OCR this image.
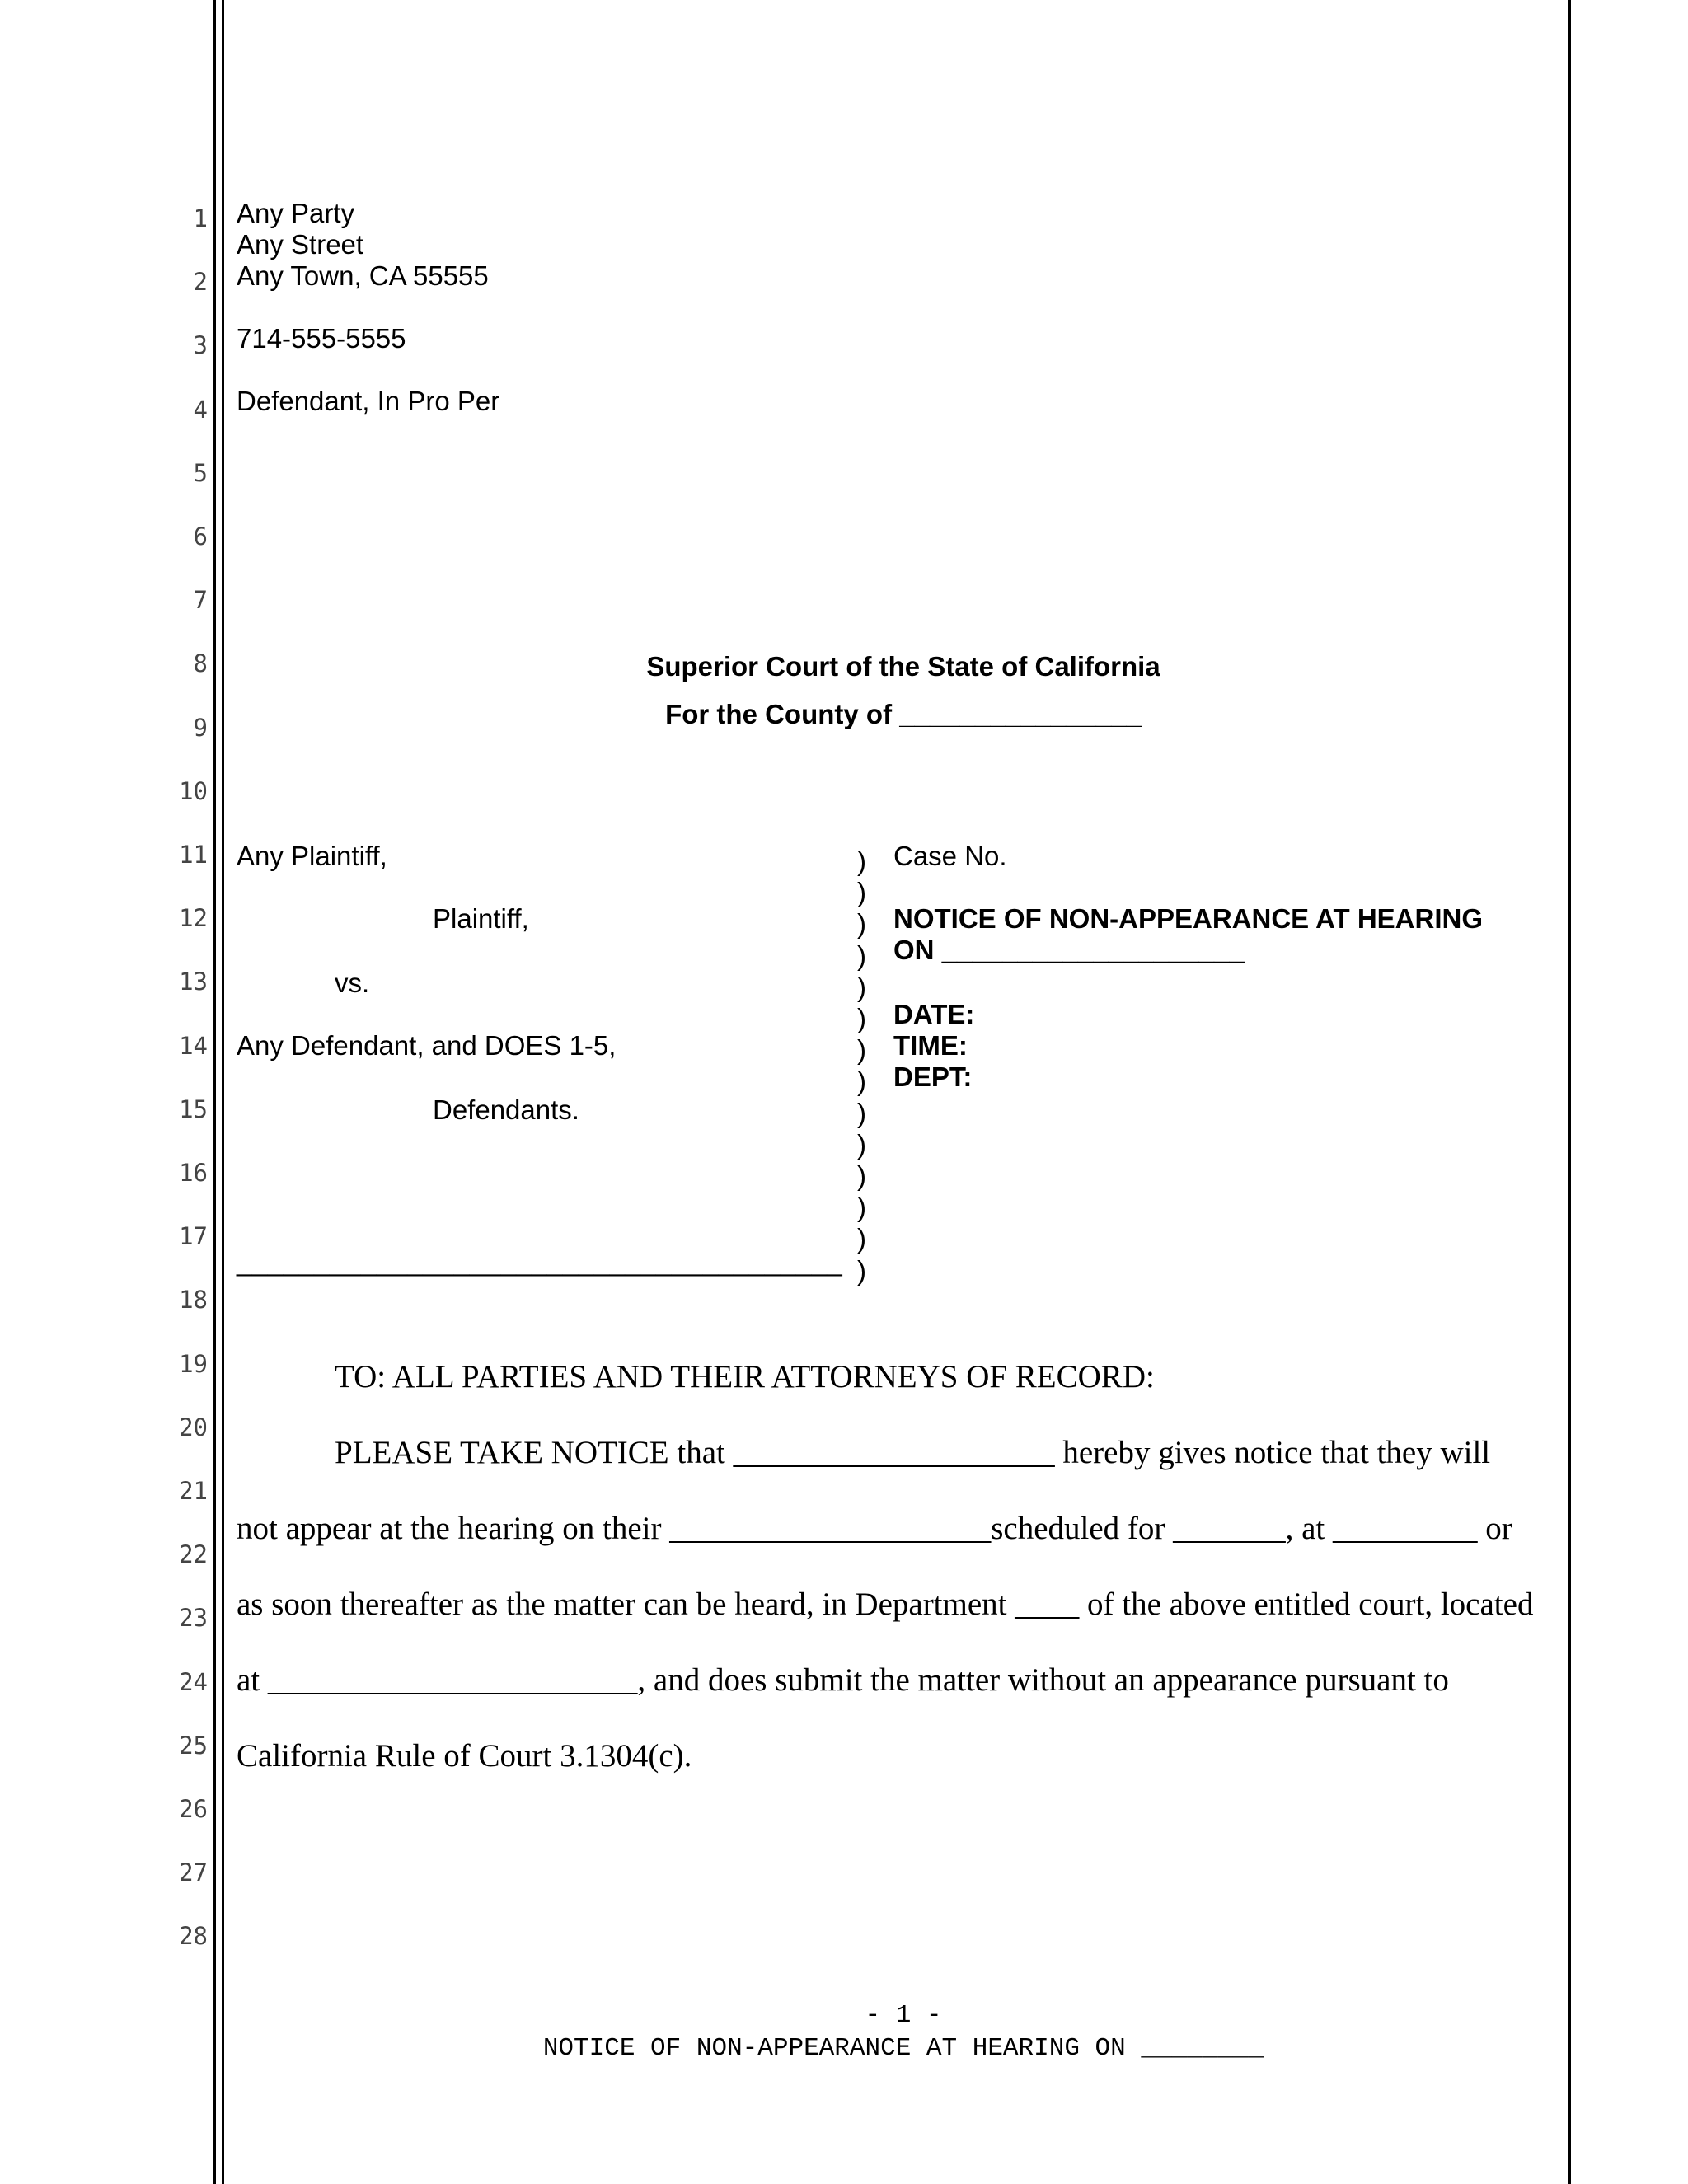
1
2
3
4
5
6
7
8
9
10
11
12
13
14
15
16
17
18
19
20
21
22
23
24
25
26
27
28
Any Party
Any Street
Any Town, CA 55555
714-555-5555
Defendant, In Pro Per
Superior Court of the State of California
For the County of ________________
Any Plaintiff,
Plaintiff,
vs.
Any Defendant, and DOES 1-5,
Defendants.
_______________________________________
)
)
)
)
)
)
)
)
)
)
)
)
)
)
Case No.
NOTICE OF NON-APPEARANCE AT HEARING
ON ____________________
DATE:
TIME:
DEPT:
TO: ALL PARTIES AND THEIR ATTORNEYS OF RECORD:
PLEASE TAKE NOTICE that ____________________ hereby gives notice that they will
not appear at the hearing on their ____________________scheduled for _______, at _________ or
as soon thereafter as the matter can be heard, in Department ____ of the above entitled court, located
at _______________________, and does submit the matter without an appearance pursuant to
California Rule of Court 3.1304(c).
- 1 -
NOTICE OF NON-APPEARANCE AT HEARING ON ________
